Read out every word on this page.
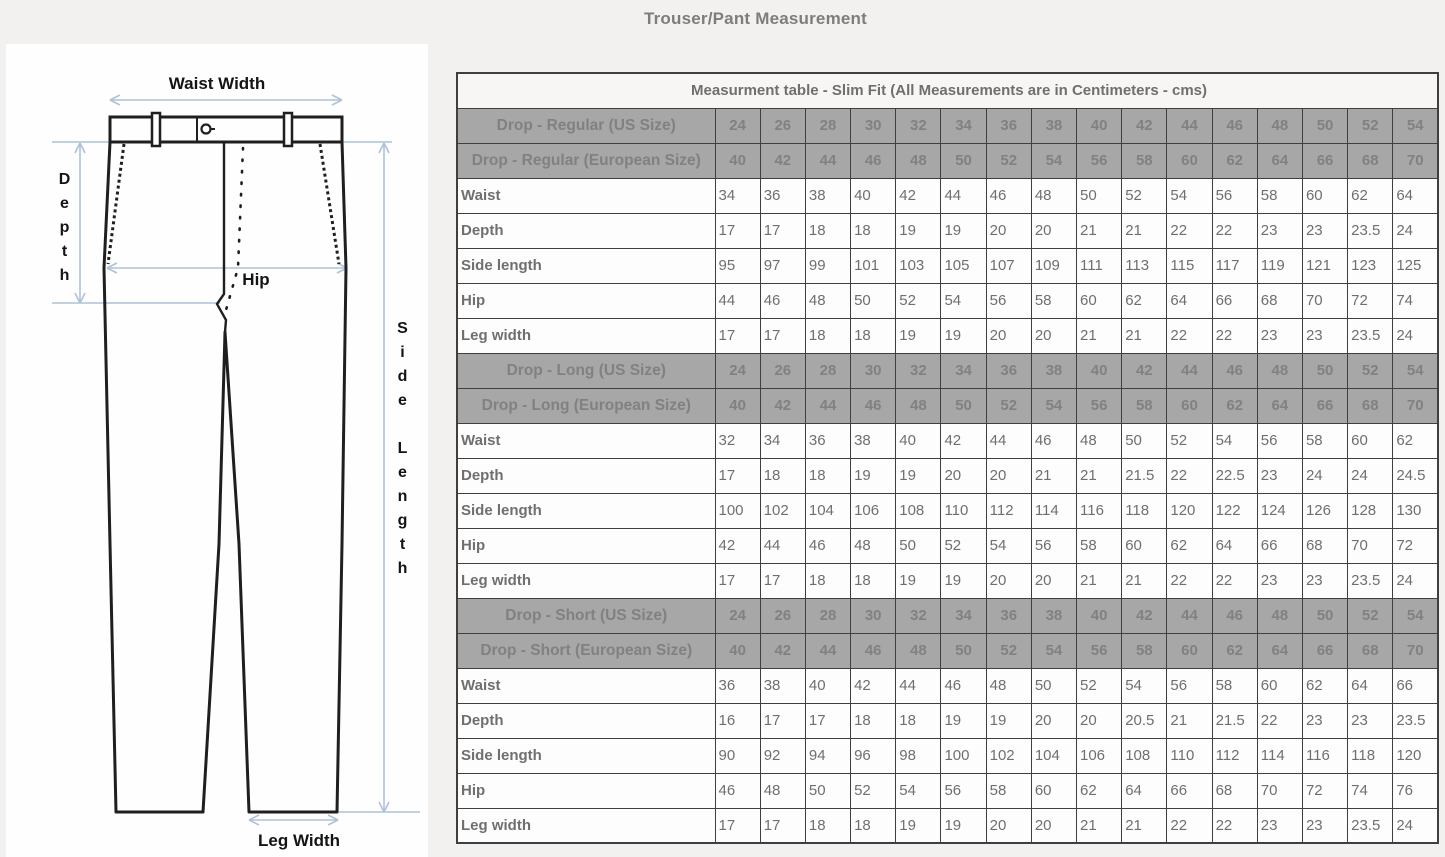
Trouser/Pant Measurement
Waist Width
Depth	Hip
Side Length
Leg Width
Measurment table - Slim Fit (All Measurements are in Centimeters - cms)																
Drop - Regular (US Size)	24	26	28	30	32	34	36	38	40	42	44	46	48	50	52	54
Drop - Regular (European Size)	40	42	44	46	48	50	52	54	56	58	60	62	64	66	68	70
Waist	34	36	38	40	42	44	46	48	50	52	54	56	58	60	62	64
Depth	17	17	18	18	19	19	20	20	21	21	22	22	23	23	23.5	24
Side length	95	97	99	101	103	105	107	109	111	113	115	117	119	121	123	125
Hip	44	46	48	50	52	54	56	58	60	62	64	66	68	70	72	74
Leg width	17	17	18	18	19	19	20	20	21	21	22	22	23	23	23.5	24
Drop - Long (US Size)	24	26	28	30	32	34	36	38	40	42	44	46	48	50	52	54
Drop - Long (European Size)	40	42	44	46	48	50	52	54	56	58	60	62	64	66	68	70
Waist	32	34	36	38	40	42	44	46	48	50	52	54	56	58	60	62
Depth	17	18	18	19	19	20	20	21	21	21.5	22	22.5	23	24	24	24.5
Side length	100	102	104	106	108	110	112	114	116	118	120	122	124	126	128	130
Hip	42	44	46	48	50	52	54	56	58	60	62	64	66	68	70	72
Leg width	17	17	18	18	19	19	20	20	21	21	22	22	23	23	23.5	24
Drop - Short (US Size)	24	26	28	30	32	34	36	38	40	42	44	46	48	50	52	54
Drop - Short (European Size)	40	42	44	46	48	50	52	54	56	58	60	62	64	66	68	70
Waist	36	38	40	42	44	46	48	50	52	54	56	58	60	62	64	66
Depth	16	17	17	18	18	19	19	20	20	20.5	21	21.5	22	23	23	23.5
Side length	90	92	94	96	98	100	102	104	106	108	110	112	114	116	118	120
Hip	46	48	50	52	54	56	58	60	62	64	66	68	70	72	74	76
Leg width	17	17	18	18	19	19	20	20	21	21	22	22	23	23	23.5	24
